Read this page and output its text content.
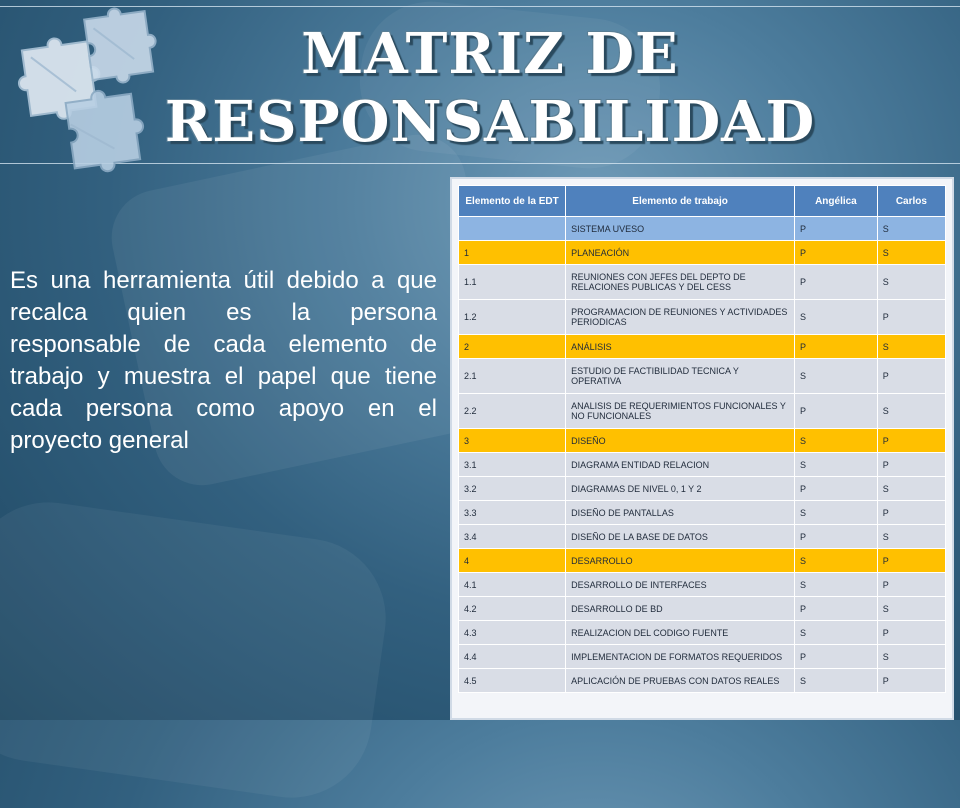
MATRIZ DE
RESPONSABILIDAD
Es una herramienta útil debido a que recalca quien es la persona responsable de cada elemento de trabajo y muestra el papel que tiene cada persona como apoyo en el proyecto general
Elemento de la EDT	Elemento de trabajo	Angélica	Carlos
	SISTEMA UVESO	P	S
1	PLANEACIÓN	P	S
1.1	REUNIONES CON JEFES DEL DEPTO DE RELACIONES PUBLICAS Y DEL CESS	P	S
1.2	PROGRAMACION DE REUNIONES Y ACTIVIDADES PERIODICAS	S	P
2	ANÁLISIS	P	S
2.1	ESTUDIO DE FACTIBILIDAD TECNICA Y OPERATIVA	S	P
2.2	ANALISIS DE REQUERIMIENTOS FUNCIONALES Y NO FUNCIONALES	P	S
3	DISEÑO	S	P
3.1	DIAGRAMA ENTIDAD RELACION	S	P
3.2	DIAGRAMAS DE NIVEL 0, 1 Y 2	P	S
3.3	DISEÑO DE PANTALLAS	S	P
3.4	DISEÑO DE LA BASE DE DATOS	P	S
4	DESARROLLO	S	P
4.1	DESARROLLO DE INTERFACES	S	P
4.2	DESARROLLO DE BD	P	S
4.3	REALIZACION DEL CODIGO FUENTE	S	P
4.4	IMPLEMENTACION DE FORMATOS REQUERIDOS	P	S
4.5	APLICACIÓN DE PRUEBAS CON DATOS REALES	S	P
